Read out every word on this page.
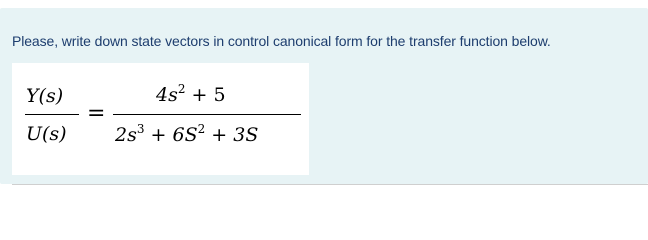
Please, write down state vectors in control canonical form for the transfer function below.
Y(s)
U(s)
=
$4s^2 + 5$
$2s^3 + 6S^2 + 3S$
